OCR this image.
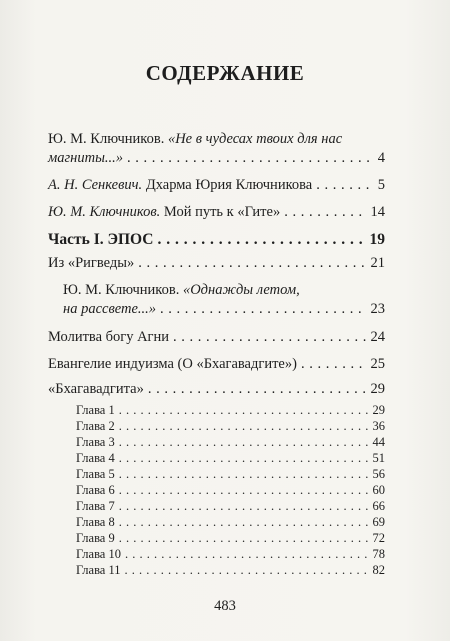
СОДЕРЖАНИЕ
Ю. М. Ключников. «Не в чудесах твоих для нас
магниты...» . . .	4
А. Н. Сенкевич. Дхарма Юрия Ключникова . . .	5
Ю. М. Ключников. Мой путь к «Гите» . . .	14
Часть I. ЭПОС . . .	19
Из «Ригведы» . . .	21
Ю. М. Ключников. «Однажды летом,
на рассвете...» . . .	23
Молитва богу Агни . . .	24
Евангелие индуизма (О «Бхагавадгите») . . .	25
«Бхагавадгита» . . .	29
Глава 1 . . .	29
Глава 2 . . .	36
Глава 3 . . .	44
Глава 4 . . .	51
Глава 5 . . .	56
Глава 6 . . .	60
Глава 7 . . .	66
Глава 8 . . .	69
Глава 9 . . .	72
Глава 10 . . .	78
Глава 11 . . .	82
483
